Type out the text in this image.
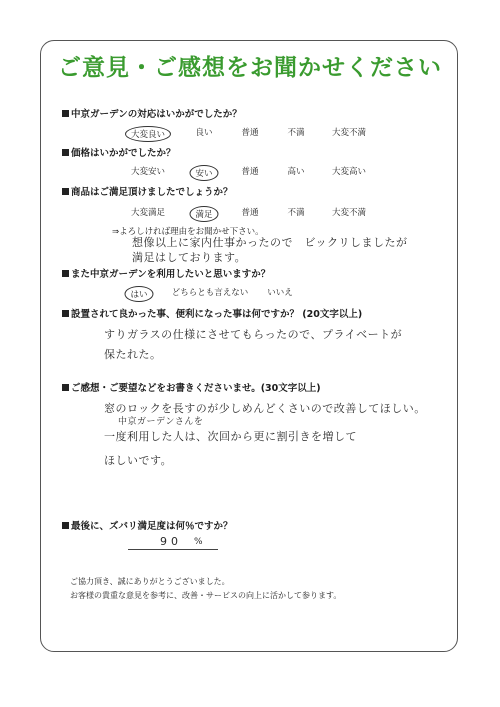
ご意見・ご感想をお聞かせください
中京ガーデンの対応はいかがでしたか？
大変良い	良い	普通	不満	大変不満
価格はいかがでしたか？
大変安い	安い	普通	高い	大変高い
商品はご満足頂けましたでしょうか？
大変満足	満足	普通	不満	大変不満
⇒よろしければ理由をお聞かせ下さい。
想像以上に家内仕事かったので　ビックリしましたが
満足はしております。
また中京ガーデンを利用したいと思いますか？
はい	どちらとも言えない いいえ
設置されて良かった事、便利になった事は何ですか？ (20文字以上)
すりガラスの仕様にさせてもらったので、プライベートが
保たれた。
ご感想・ご要望などをお書きくださいませ。(30文字以上)
窓のロックを長すのが少しめんどくさいので改善してほしい。
中京ガーデンさんを
一度利用した人は、次回から更に割引きを増して
ほしいです。
最後に、ズバリ満足度は何％ですか？
90 %
ご協力頂き、誠にありがとうございました。
お客様の貴重な意見を参考に、改善・サービスの向上に活かして参ります。
